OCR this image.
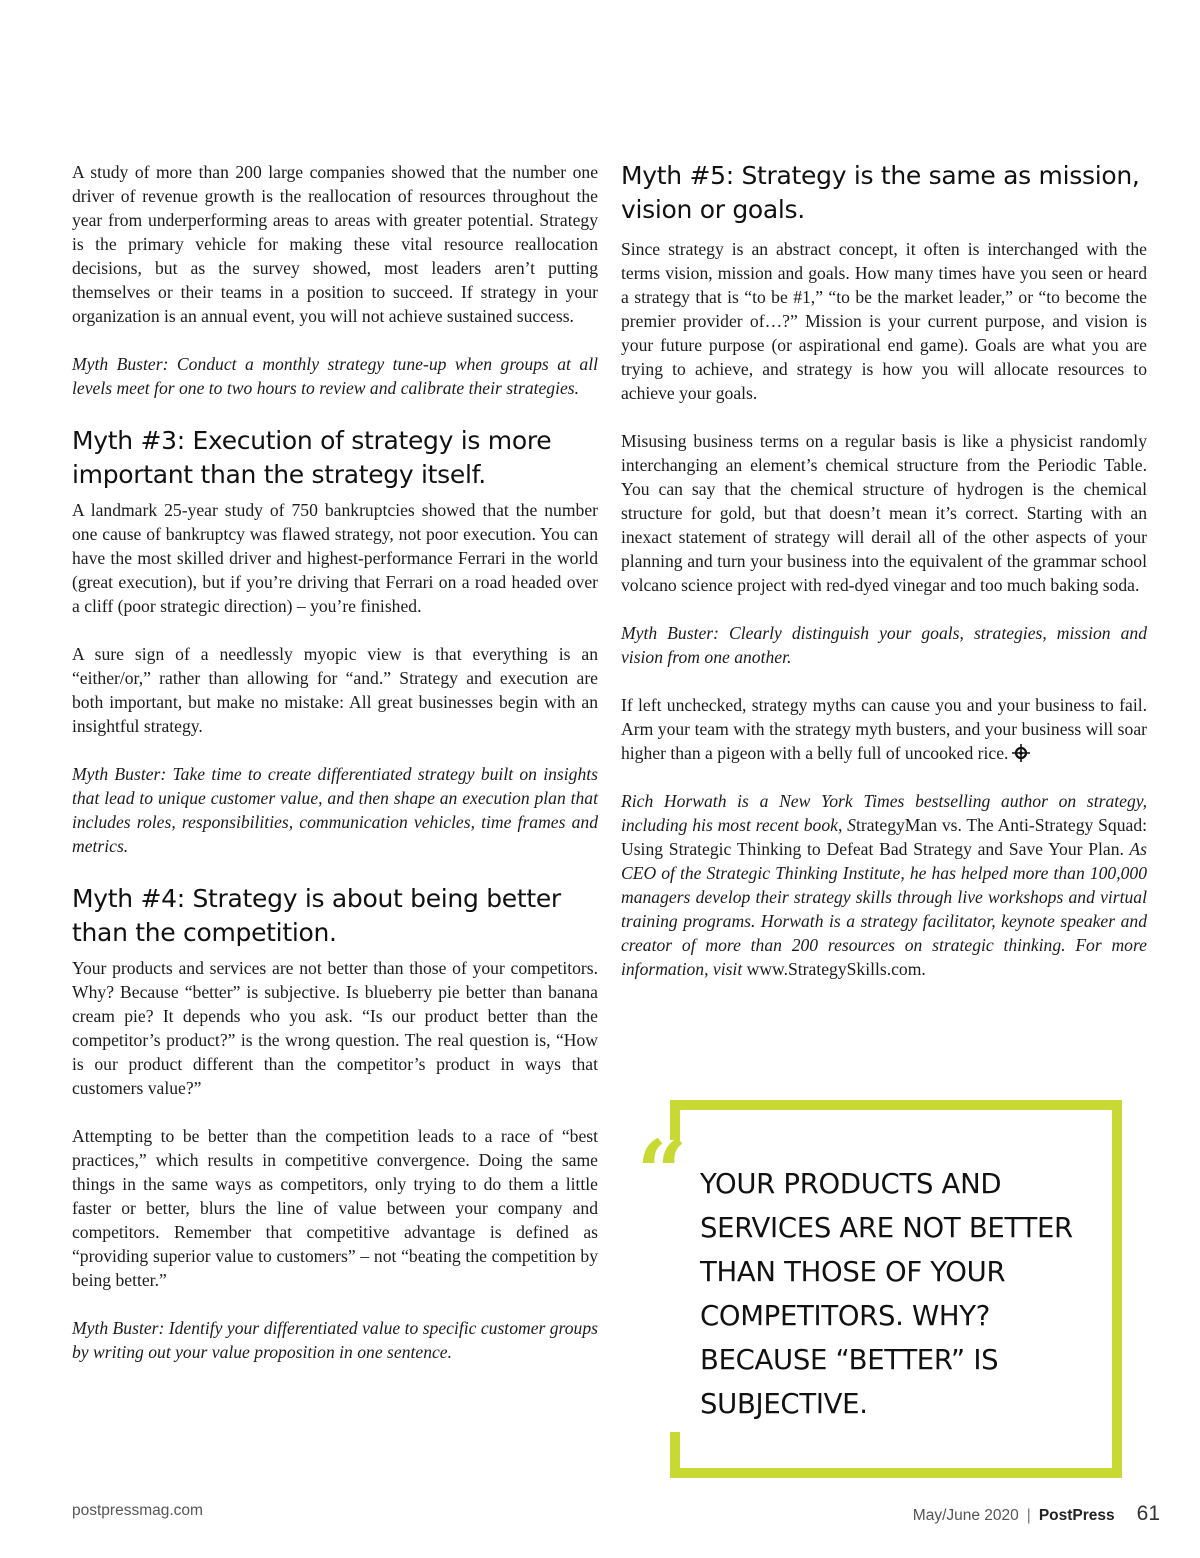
A study of more than 200 large companies showed that the number one driver of revenue growth is the reallocation of resources throughout the year from underperforming areas to areas with greater potential. Strategy is the primary vehicle for making these vital resource reallocation decisions, but as the survey showed, most leaders aren’t putting themselves or their teams in a position to succeed. If strategy in your organization is an annual event, you will not achieve sustained success.

Myth Buster: Conduct a monthly strategy tune-up when groups at all levels meet for one to two hours to review and calibrate their strategies.

Myth #3: Execution of strategy is more important than the strategy itself.

A landmark 25-year study of 750 bankruptcies showed that the number one cause of bankruptcy was flawed strategy, not poor execution. You can have the most skilled driver and highest-performance Ferrari in the world (great execution), but if you’re driving that Ferrari on a road headed over a cliff (poor strategic direction) – you’re finished.

A sure sign of a needlessly myopic view is that everything is an “either/or,” rather than allowing for “and.” Strategy and execution are both important, but make no mistake: All great businesses begin with an insightful strategy.

Myth Buster: Take time to create differentiated strategy built on insights that lead to unique customer value, and then shape an execution plan that includes roles, responsibilities, communication vehicles, time frames and metrics.

Myth #4: Strategy is about being better than the competition.

Your products and services are not better than those of your competitors. Why? Because “better” is subjective. Is blueberry pie better than banana cream pie? It depends who you ask. “Is our product better than the competitor’s product?” is the wrong question. The real question is, “How is our product different than the competitor’s product in ways that customers value?”

Attempting to be better than the competition leads to a race of “best practices,” which results in competitive convergence. Doing the same things in the same ways as competitors, only trying to do them a little faster or better, blurs the line of value between your company and competitors. Remember that competitive advantage is defined as “providing superior value to customers” – not “beating the competition by being better.”

Myth Buster: Identify your differentiated value to specific customer groups by writing out your value proposition in one sentence.

Myth #5: Strategy is the same as mission, vision or goals.

Since strategy is an abstract concept, it often is interchanged with the terms vision, mission and goals. How many times have you seen or heard a strategy that is “to be #1,” “to be the market leader,” or “to become the premier provider of…?” Mission is your current purpose, and vision is your future purpose (or aspirational end game). Goals are what you are trying to achieve, and strategy is how you will allocate resources to achieve your goals.

Misusing business terms on a regular basis is like a physicist randomly interchanging an element’s chemical structure from the Periodic Table. You can say that the chemical structure of hydrogen is the chemical structure for gold, but that doesn’t mean it’s correct. Starting with an inexact statement of strategy will derail all of the other aspects of your planning and turn your business into the equivalent of the grammar school volcano science project with red-dyed vinegar and too much baking soda.

Myth Buster: Clearly distinguish your goals, strategies, mission and vision from one another.

If left unchecked, strategy myths can cause you and your business to fail. Arm your team with the strategy myth busters, and your business will soar higher than a pigeon with a belly full of uncooked rice.

Rich Horwath is a New York Times bestselling author on strategy, including his most recent book, StrategyMan vs. The Anti-Strategy Squad: Using Strategic Thinking to Defeat Bad Strategy and Save Your Plan. As CEO of the Strategic Thinking Institute, he has helped more than 100,000 managers develop their strategy skills through live workshops and virtual training programs. Horwath is a strategy facilitator, keynote speaker and creator of more than 200 resources on strategic thinking. For more information, visit www.StrategySkills.com.

“ YOUR PRODUCTS AND SERVICES ARE NOT BETTER THAN THOSE OF YOUR COMPETITORS. WHY? BECAUSE “BETTER” IS SUBJECTIVE.
postpressmag.com	May/June 2020 | PostPress 61
